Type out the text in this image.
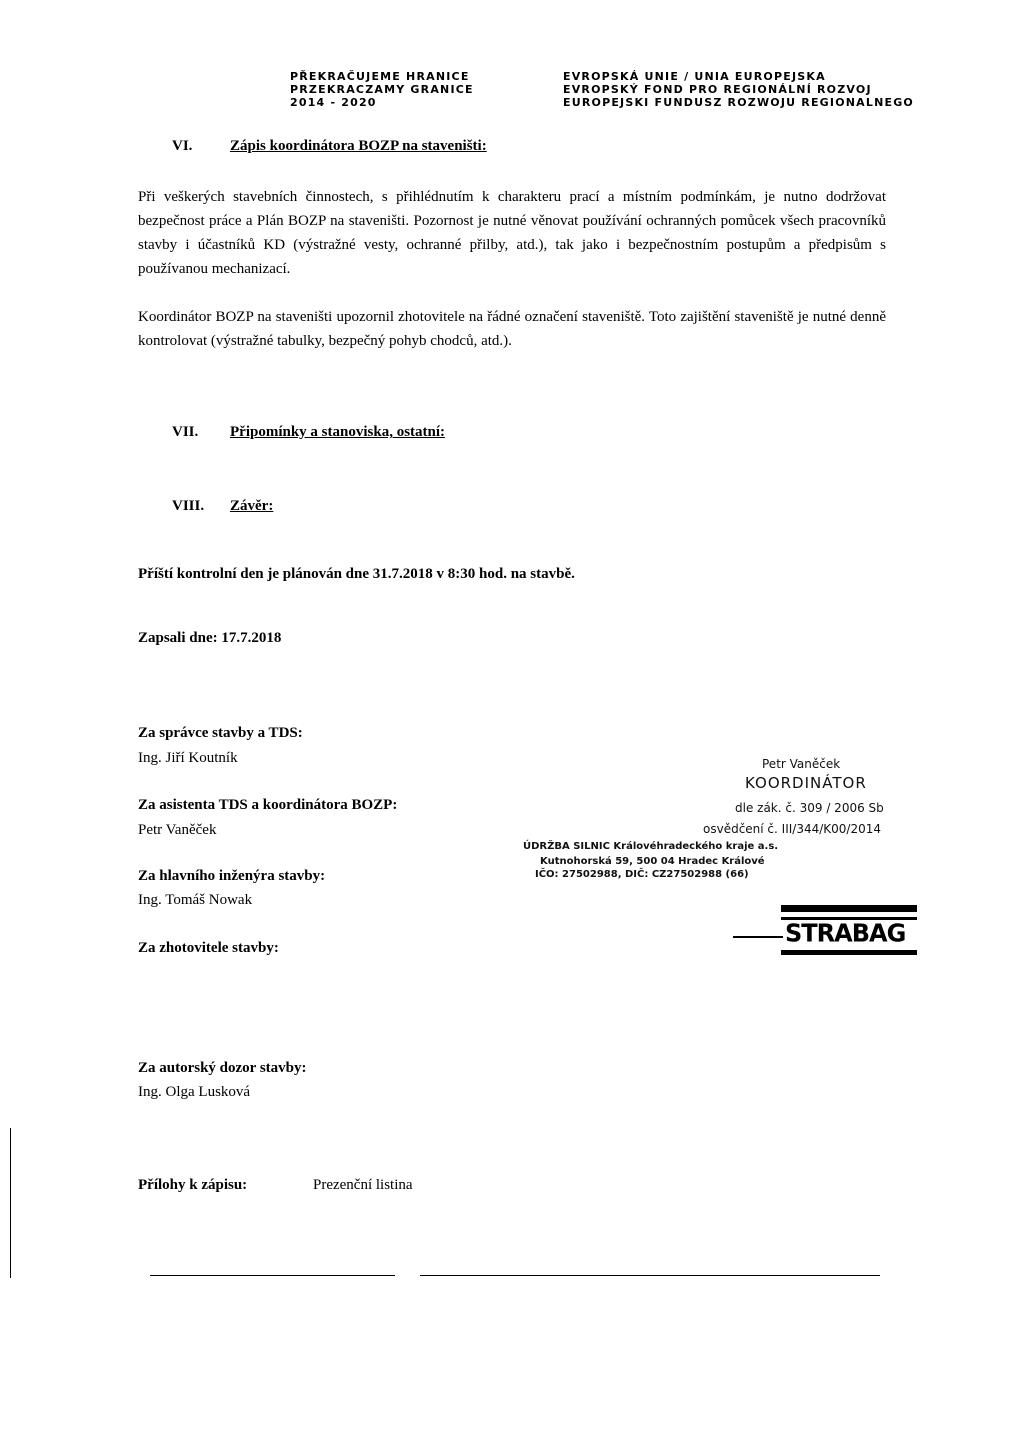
PŘEKRAČUJEME HRANICE
PRZEKRACZAMY GRANICE
2014 - 2020
EVROPSKÁ UNIE / UNIA EUROPEJSKA
EVROPSKÝ FOND PRO REGIONÁLNÍ ROZVOJ
EUROPEJSKI FUNDUSZ ROZWOJU REGIONALNEGO
VI.	Zápis koordinátora BOZP na staveništi:
Při veškerých stavebních činnostech, s přihlédnutím k charakteru prací a místním podmínkám, je nutno dodržovat bezpečnost práce a Plán BOZP na staveništi. Pozornost je nutné věnovat používání ochranných pomůcek všech pracovníků stavby i účastníků KD (výstražné vesty, ochranné přilby, atd.), tak jako i bezpečnostním postupům a předpisům s používanou mechanizací.
Koordinátor BOZP na staveništi upozornil zhotovitele na řádné označení staveniště. Toto zajištění staveniště je nutné denně kontrolovat (výstražné tabulky, bezpečný pohyb chodců, atd.).
VII. Připomínky a stanoviska, ostatní:
VIII. Závěr:
Příští kontrolní den je plánován dne 31.7.2018 v 8:30 hod. na stavbě.
Zapsali dne: 17.7.2018
Za správce stavby a TDS:
Ing. Jiří Koutník
Za asistenta TDS a koordinátora BOZP:
Petr Vaněček
Za hlavního inženýra stavby:
Ing. Tomáš Nowak
Za zhotovitele stavby:
Za autorský dozor stavby:
Ing. Olga Lusková
Petr Vaněček
KOORDINÁTOR
dle zák. č. 309 / 2006 Sb
osvědčení č. III/344/K00/2014
ÚDRŽBA SILNIC Královéhradeckého kraje a.s.
Kutnohorská 59, 500 04 Hradec Králové
IČO: 27502988, DIČ: CZ27502988 (66)
STRABAG
Přílohy k zápisu:	Prezenční listina
